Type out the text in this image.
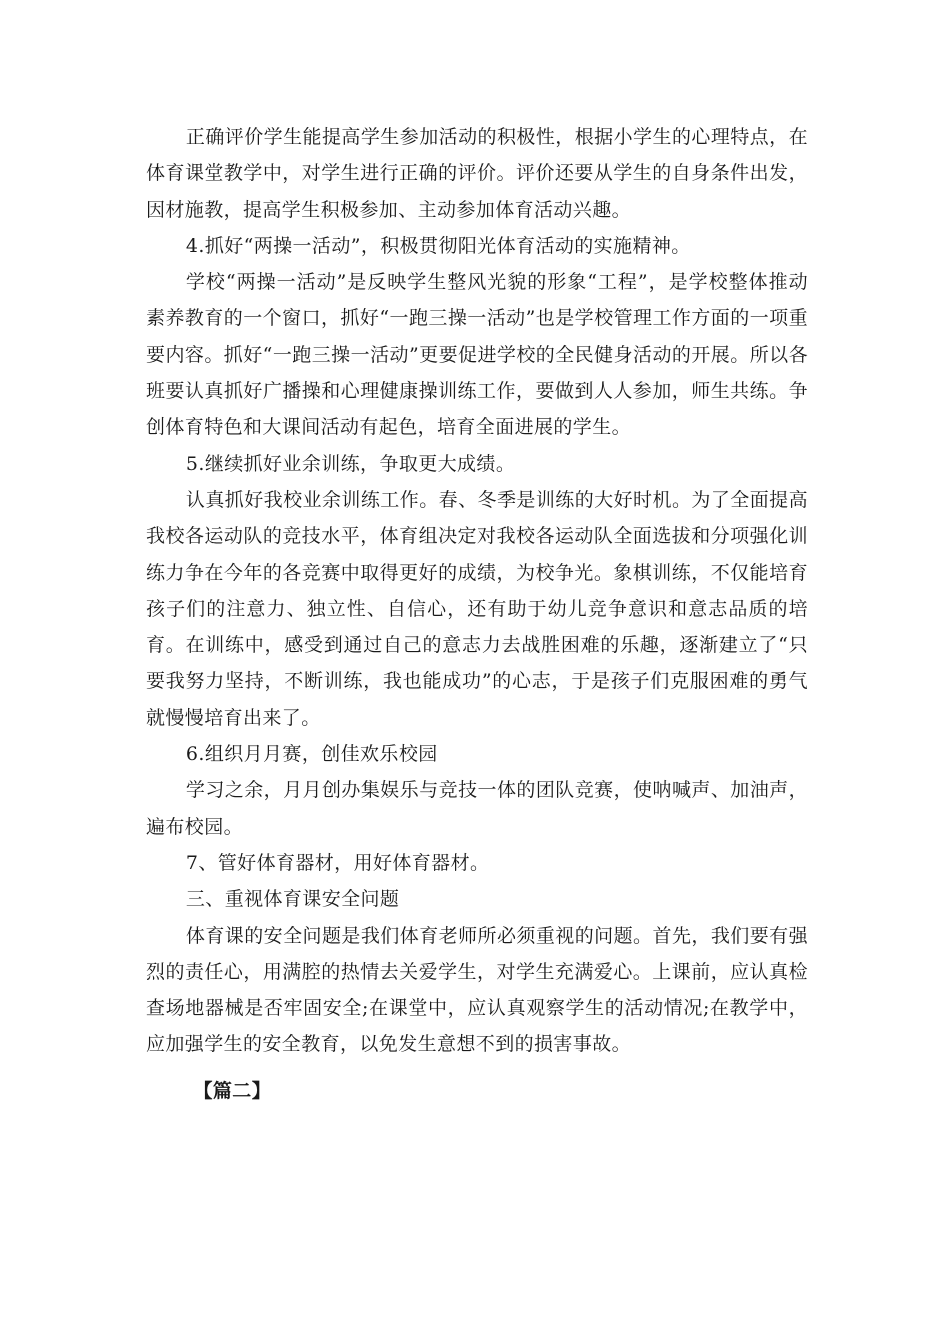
正确评价学生能提高学生参加活动的积极性，根据小学生的心理特点，在体育课堂教学中，对学生进行正确的评价。评价还要从学生的自身条件出发，因材施教，提高学生积极参加、主动参加体育活动兴趣。

4.抓好“两操一活动”，积极贯彻阳光体育活动的实施精神。

学校“两操一活动”是反映学生整风光貌的形象“工程”，是学校整体推动素养教育的一个窗口，抓好“一跑三操一活动”也是学校管理工作方面的一项重要内容。抓好“一跑三操一活动”更要促进学校的全民健身活动的开展。所以各班要认真抓好广播操和心理健康操训练工作，要做到人人参加，师生共练。争创体育特色和大课间活动有起色，培育全面进展的学生。

5.继续抓好业余训练，争取更大成绩。

认真抓好我校业余训练工作。春、冬季是训练的大好时机。为了全面提高我校各运动队的竞技水平，体育组决定对我校各运动队全面选拔和分项强化训练力争在今年的各竞赛中取得更好的成绩，为校争光。象棋训练，不仅能培育孩子们的注意力、独立性、自信心，还有助于幼儿竞争意识和意志品质的培育。在训练中，感受到通过自己的意志力去战胜困难的乐趣，逐渐建立了“只要我努力坚持，不断训练，我也能成功”的心志，于是孩子们克服困难的勇气就慢慢培育出来了。

6.组织月月赛，创佳欢乐校园

学习之余，月月创办集娱乐与竞技一体的团队竞赛，使呐喊声、加油声，遍布校园。

7、管好体育器材，用好体育器材。

三、重视体育课安全问题

体育课的安全问题是我们体育老师所必须重视的问题。首先，我们要有强烈的责任心，用满腔的热情去关爱学生，对学生充满爱心。上课前，应认真检查场地器械是否牢固安全;在课堂中，应认真观察学生的活动情况;在教学中，应加强学生的安全教育，以免发生意想不到的损害事故。

【篇二】
